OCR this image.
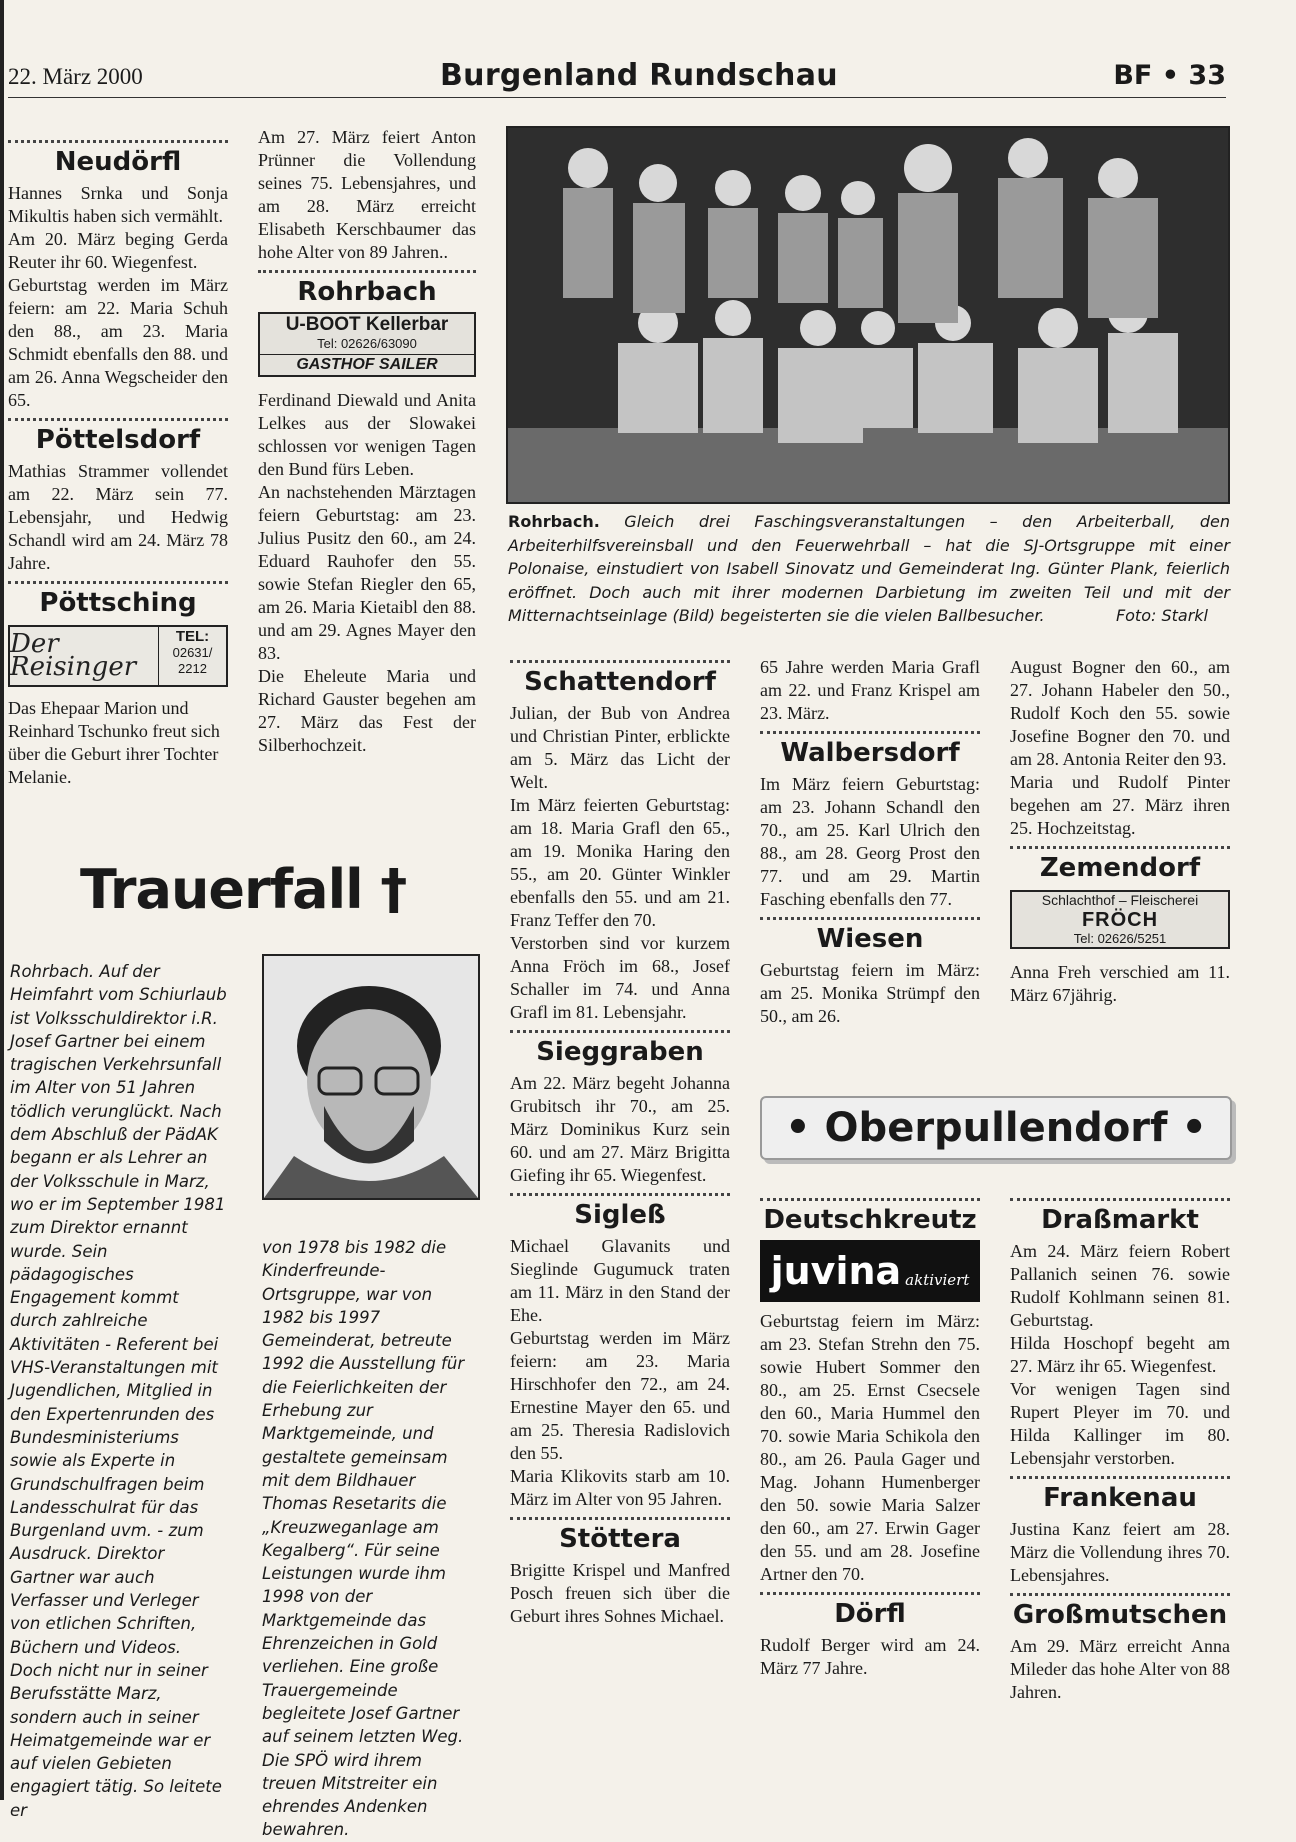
22. März 2000	Burgenland Rundschau	BF • 33
Neudörfl

Hannes Srnka und Sonja Mikultis haben sich vermählt.

Am 20. März beging Gerda Reuter ihr 60. Wiegenfest.

Geburtstag werden im März feiern: am 22. Maria Schuh den 88., am 23. Maria Schmidt ebenfalls den 88. und am 26. Anna Wegscheider den 65.

Pöttelsdorf

Mathias Strammer vollendet am 22. März sein 77. Lebensjahr, und Hedwig Schandl wird am 24. März 78 Jahre.

Pöttsching
Der Reisinger
TEL:
02631/ 2212

Das Ehepaar Marion und Reinhard Tschunko freut sich über die Geburt ihrer Tochter Melanie.

Am 27. März feiert Anton Prünner die Vollendung seines 75. Lebensjahres, und am 28. März erreicht Elisabeth Kerschbaumer das hohe Alter von 89 Jahren..

Rohrbach
U-BOOT Kellerbar
Tel: 02626/63090
GASTHOF SAILER

Ferdinand Diewald und Anita Lelkes aus der Slowakei schlossen vor wenigen Tagen den Bund fürs Leben.

An nachstehenden Märztagen feiern Geburtstag: am 23. Julius Pusitz den 60., am 24. Eduard Rauhofer den 55. sowie Stefan Riegler den 65, am 26. Maria Kietaibl den 88. und am 29. Agnes Mayer den 83.

Die Eheleute Maria und Richard Gauster begehen am 27. März das Fest der Silberhochzeit.

Rohrbach. Gleich drei Faschingsveranstaltungen – den Arbeiterball, den Arbeiterhilfsvereinsball und den Feuerwehrball – hat die SJ-Ortsgruppe mit einer Polonaise, einstudiert von Isabell Sinovatz und Gemeinderat Ing. Günter Plank, feierlich eröffnet. Doch auch mit ihrer modernen Darbietung im zweiten Teil und mit der Mitternachtseinlage (Bild) begeisterten sie die vielen Ballbesucher.	Foto: Starkl
Trauerfall †
Rohrbach. Auf der Heimfahrt vom Schiurlaub ist Volksschuldirektor i.R. Josef Gartner bei einem tragischen Verkehrsunfall im Alter von 51 Jahren tödlich verunglückt. Nach dem Abschluß der PädAK begann er als Lehrer an der Volksschule in Marz, wo er im September 1981 zum Direktor ernannt wurde. Sein pädagogisches Engagement kommt durch zahlreiche Aktivitäten - Referent bei VHS-Veranstaltungen mit Jugendlichen, Mitglied in den Expertenrunden des Bundesministeriums sowie als Experte in Grundschulfragen beim Landesschulrat für das Burgenland uvm. - zum Ausdruck. Direktor Gartner war auch Verfasser und Verleger von etlichen Schriften, Büchern und Videos. Doch nicht nur in seiner Berufsstätte Marz, sondern auch in seiner Heimatgemeinde war er auf vielen Gebieten engagiert tätig. So leitete er
von 1978 bis 1982 die Kinderfreunde-Ortsgruppe, war von 1982 bis 1997 Gemeinderat, betreute 1992 die Ausstellung für die Feierlichkeiten der Erhebung zur Marktgemeinde, und gestaltete gemeinsam mit dem Bildhauer Thomas Resetarits die „Kreuzweganlage am Kegalberg“. Für seine Leistungen wurde ihm 1998 von der Marktgemeinde das Ehrenzeichen in Gold verliehen. Eine große Trauergemeinde begleitete Josef Gartner auf seinem letzten Weg. Die SPÖ wird ihrem treuen Mitstreiter ein ehrendes Andenken bewahren.
Schattendorf

Julian, der Bub von Andrea und Christian Pinter, erblickte am 5. März das Licht der Welt.

Im März feierten Geburtstag: am 18. Maria Grafl den 65., am 19. Monika Haring den 55., am 20. Günter Winkler ebenfalls den 55. und am 21. Franz Teffer den 70.

Verstorben sind vor kurzem Anna Fröch im 68., Josef Schaller im 74. und Anna Grafl im 81. Lebensjahr.

Sieggraben

Am 22. März begeht Johanna Grubitsch ihr 70., am 25. März Dominikus Kurz sein 60. und am 27. März Brigitta Giefing ihr 65. Wiegenfest.

Sigleß

Michael Glavanits und Sieglinde Gugumuck traten am 11. März in den Stand der Ehe.

Geburtstag werden im März feiern: am 23. Maria Hirschhofer den 72., am 24. Ernestine Mayer den 65. und am 25. Theresia Radislovich den 55.

Maria Klikovits starb am 10. März im Alter von 95 Jahren.

Stöttera

Brigitte Krispel und Manfred Posch freuen sich über die Geburt ihres Sohnes Michael.

65 Jahre werden Maria Grafl am 22. und Franz Krispel am 23. März.

Walbersdorf

Im März feiern Geburtstag: am 23. Johann Schandl den 70., am 25. Karl Ulrich den 88., am 28. Georg Prost den 77. und am 29. Martin Fasching ebenfalls den 77.

Wiesen

Geburtstag feiern im März: am 25. Monika Strümpf den 50., am 26.

August Bogner den 60., am 27. Johann Habeler den 50., Rudolf Koch den 55. sowie Josefine Bogner den 70. und am 28. Antonia Reiter den 93.

Maria und Rudolf Pinter begehen am 27. März ihren 25. Hochzeitstag.

Zemendorf
Schlachthof – Fleischerei
FRÖCH
Tel: 02626/5251

Anna Freh verschied am 11. März 67jährig.

• Oberpullendorf •
Deutschkreutz
juvina aktiviert

Geburtstag feiern im März: am 23. Stefan Strehn den 75. sowie Hubert Sommer den 80., am 25. Ernst Csecsele den 60., Maria Hummel den 70. sowie Maria Schikola den 80., am 26. Paula Gager und Mag. Johann Humenberger den 50. sowie Maria Salzer den 60., am 27. Erwin Gager den 55. und am 28. Josefine Artner den 70.

Dörfl

Rudolf Berger wird am 24. März 77 Jahre.

Draßmarkt

Am 24. März feiern Robert Pallanich seinen 76. sowie Rudolf Kohlmann seinen 81. Geburtstag.

Hilda Hoschopf begeht am 27. März ihr 65. Wiegenfest.

Vor wenigen Tagen sind Rupert Pleyer im 70. und Hilda Kallinger im 80. Lebensjahr verstorben.

Frankenau

Justina Kanz feiert am 28. März die Vollendung ihres 70. Lebensjahres.

Großmutschen

Am 29. März erreicht Anna Mileder das hohe Alter von 88 Jahren.
